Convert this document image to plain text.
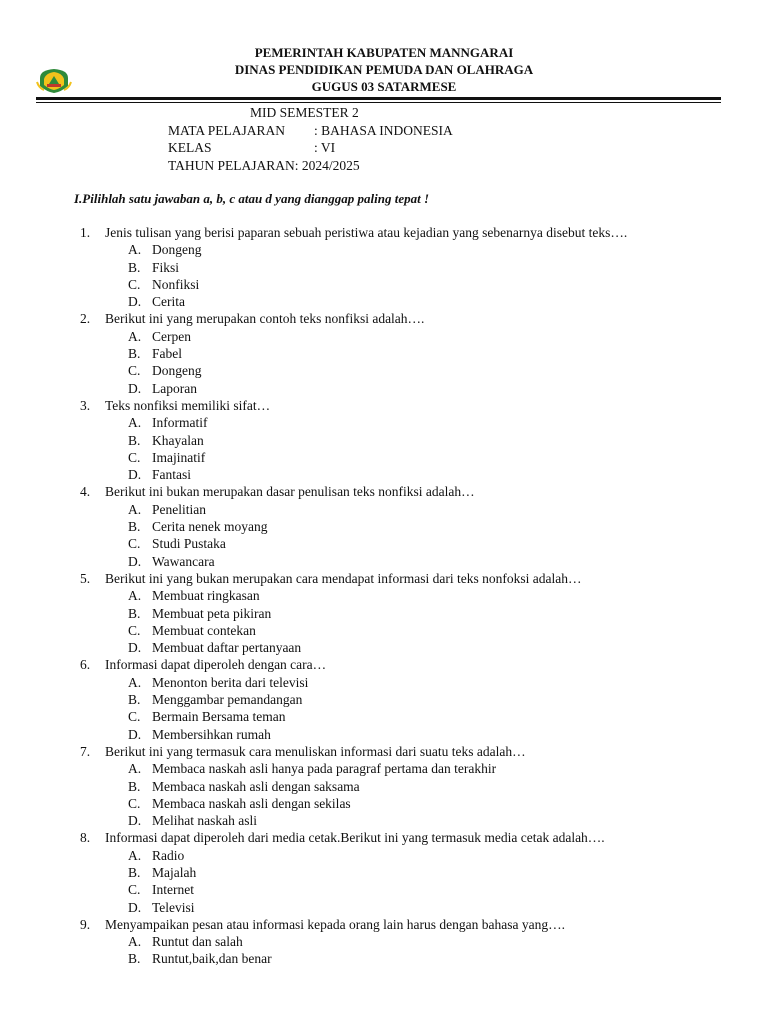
PEMERINTAH KABUPATEN MANNGARAI
DINAS PENDIDIKAN PEMUDA DAN OLAHRAGA
GUGUS 03 SATARMESE
MID SEMESTER 2
MATA PELAJARAN	: BAHASA INDONESIA
KELAS	: VI
TAHUN PELAJARAN : 2024/2025
I.Pilihlah satu jawaban a, b, c atau d yang dianggap paling tepat !
1. Jenis tulisan yang berisi paparan sebuah peristiwa atau kejadian yang sebenarnya disebut teks….
A. Dongeng
B. Fiksi
C. Nonfiksi
D. Cerita
2. Berikut ini yang merupakan contoh teks nonfiksi adalah….
A. Cerpen
B. Fabel
C. Dongeng
D. Laporan
3. Teks nonfiksi memiliki sifat…
A. Informatif
B. Khayalan
C. Imajinatif
D. Fantasi
4. Berikut ini bukan merupakan dasar penulisan teks nonfiksi adalah…
A. Penelitian
B. Cerita nenek moyang
C. Studi Pustaka
D. Wawancara
5. Berikut ini yang bukan merupakan cara mendapat informasi dari teks nonfoksi adalah…
A. Membuat ringkasan
B. Membuat peta pikiran
C. Membuat contekan
D. Membuat daftar pertanyaan
6. Informasi dapat diperoleh dengan cara…
A. Menonton berita dari televisi
B. Menggambar pemandangan
C. Bermain Bersama teman
D. Membersihkan rumah
7. Berikut ini yang termasuk cara menuliskan informasi dari suatu teks adalah…
A. Membaca naskah asli hanya pada paragraf pertama dan terakhir
B. Membaca naskah asli dengan saksama
C. Membaca naskah asli dengan sekilas
D. Melihat naskah asli
8. Informasi dapat diperoleh dari media cetak.Berikut ini yang termasuk media cetak adalah….
A. Radio
B. Majalah
C. Internet
D. Televisi
9. Menyampaikan pesan atau informasi kepada orang lain harus dengan bahasa yang….
A. Runtut dan salah
B. Runtut,baik,dan benar
